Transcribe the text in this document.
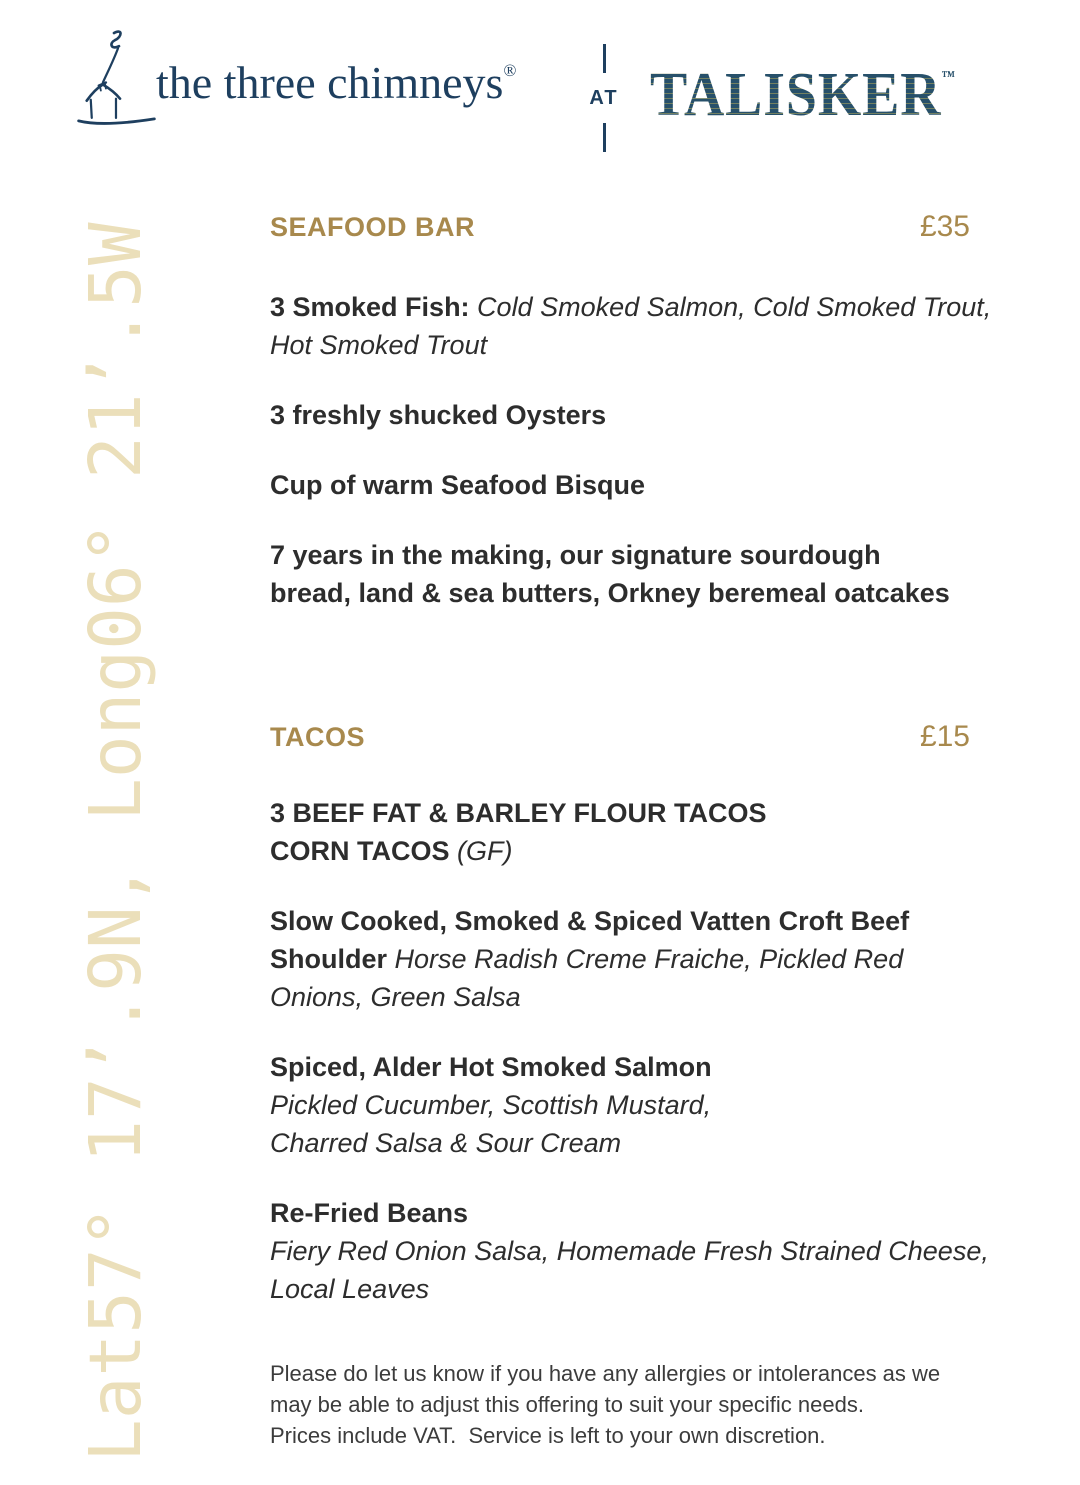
the three chimneys®
AT TALISKER™
Lat57° 17’.9N, Long06° 21’.5W	SEAFOOD BAR	£35
3 Smoked Fish: Cold Smoked Salmon, Cold Smoked Trout,
Hot Smoked Trout
3 freshly shucked Oysters
Cup of warm Seafood Bisque
7 years in the making, our signature sourdough
bread, land & sea butters, Orkney beremeal oatcakes
TACOS	£15
3 BEEF FAT & BARLEY FLOUR TACOS
CORN TACOS (GF)
Slow Cooked, Smoked & Spiced Vatten Croft Beef
Shoulder Horse Radish Creme Fraiche, Pickled Red
Onions, Green Salsa
Spiced, Alder Hot Smoked Salmon
Pickled Cucumber, Scottish Mustard,
Charred Salsa & Sour Cream
Re-Fried Beans
Fiery Red Onion Salsa, Homemade Fresh Strained Cheese,
Local Leaves
Please do let us know if you have any allergies or intolerances as we
may be able to adjust this offering to suit your specific needs.
Prices include VAT.  Service is left to your own discretion.
